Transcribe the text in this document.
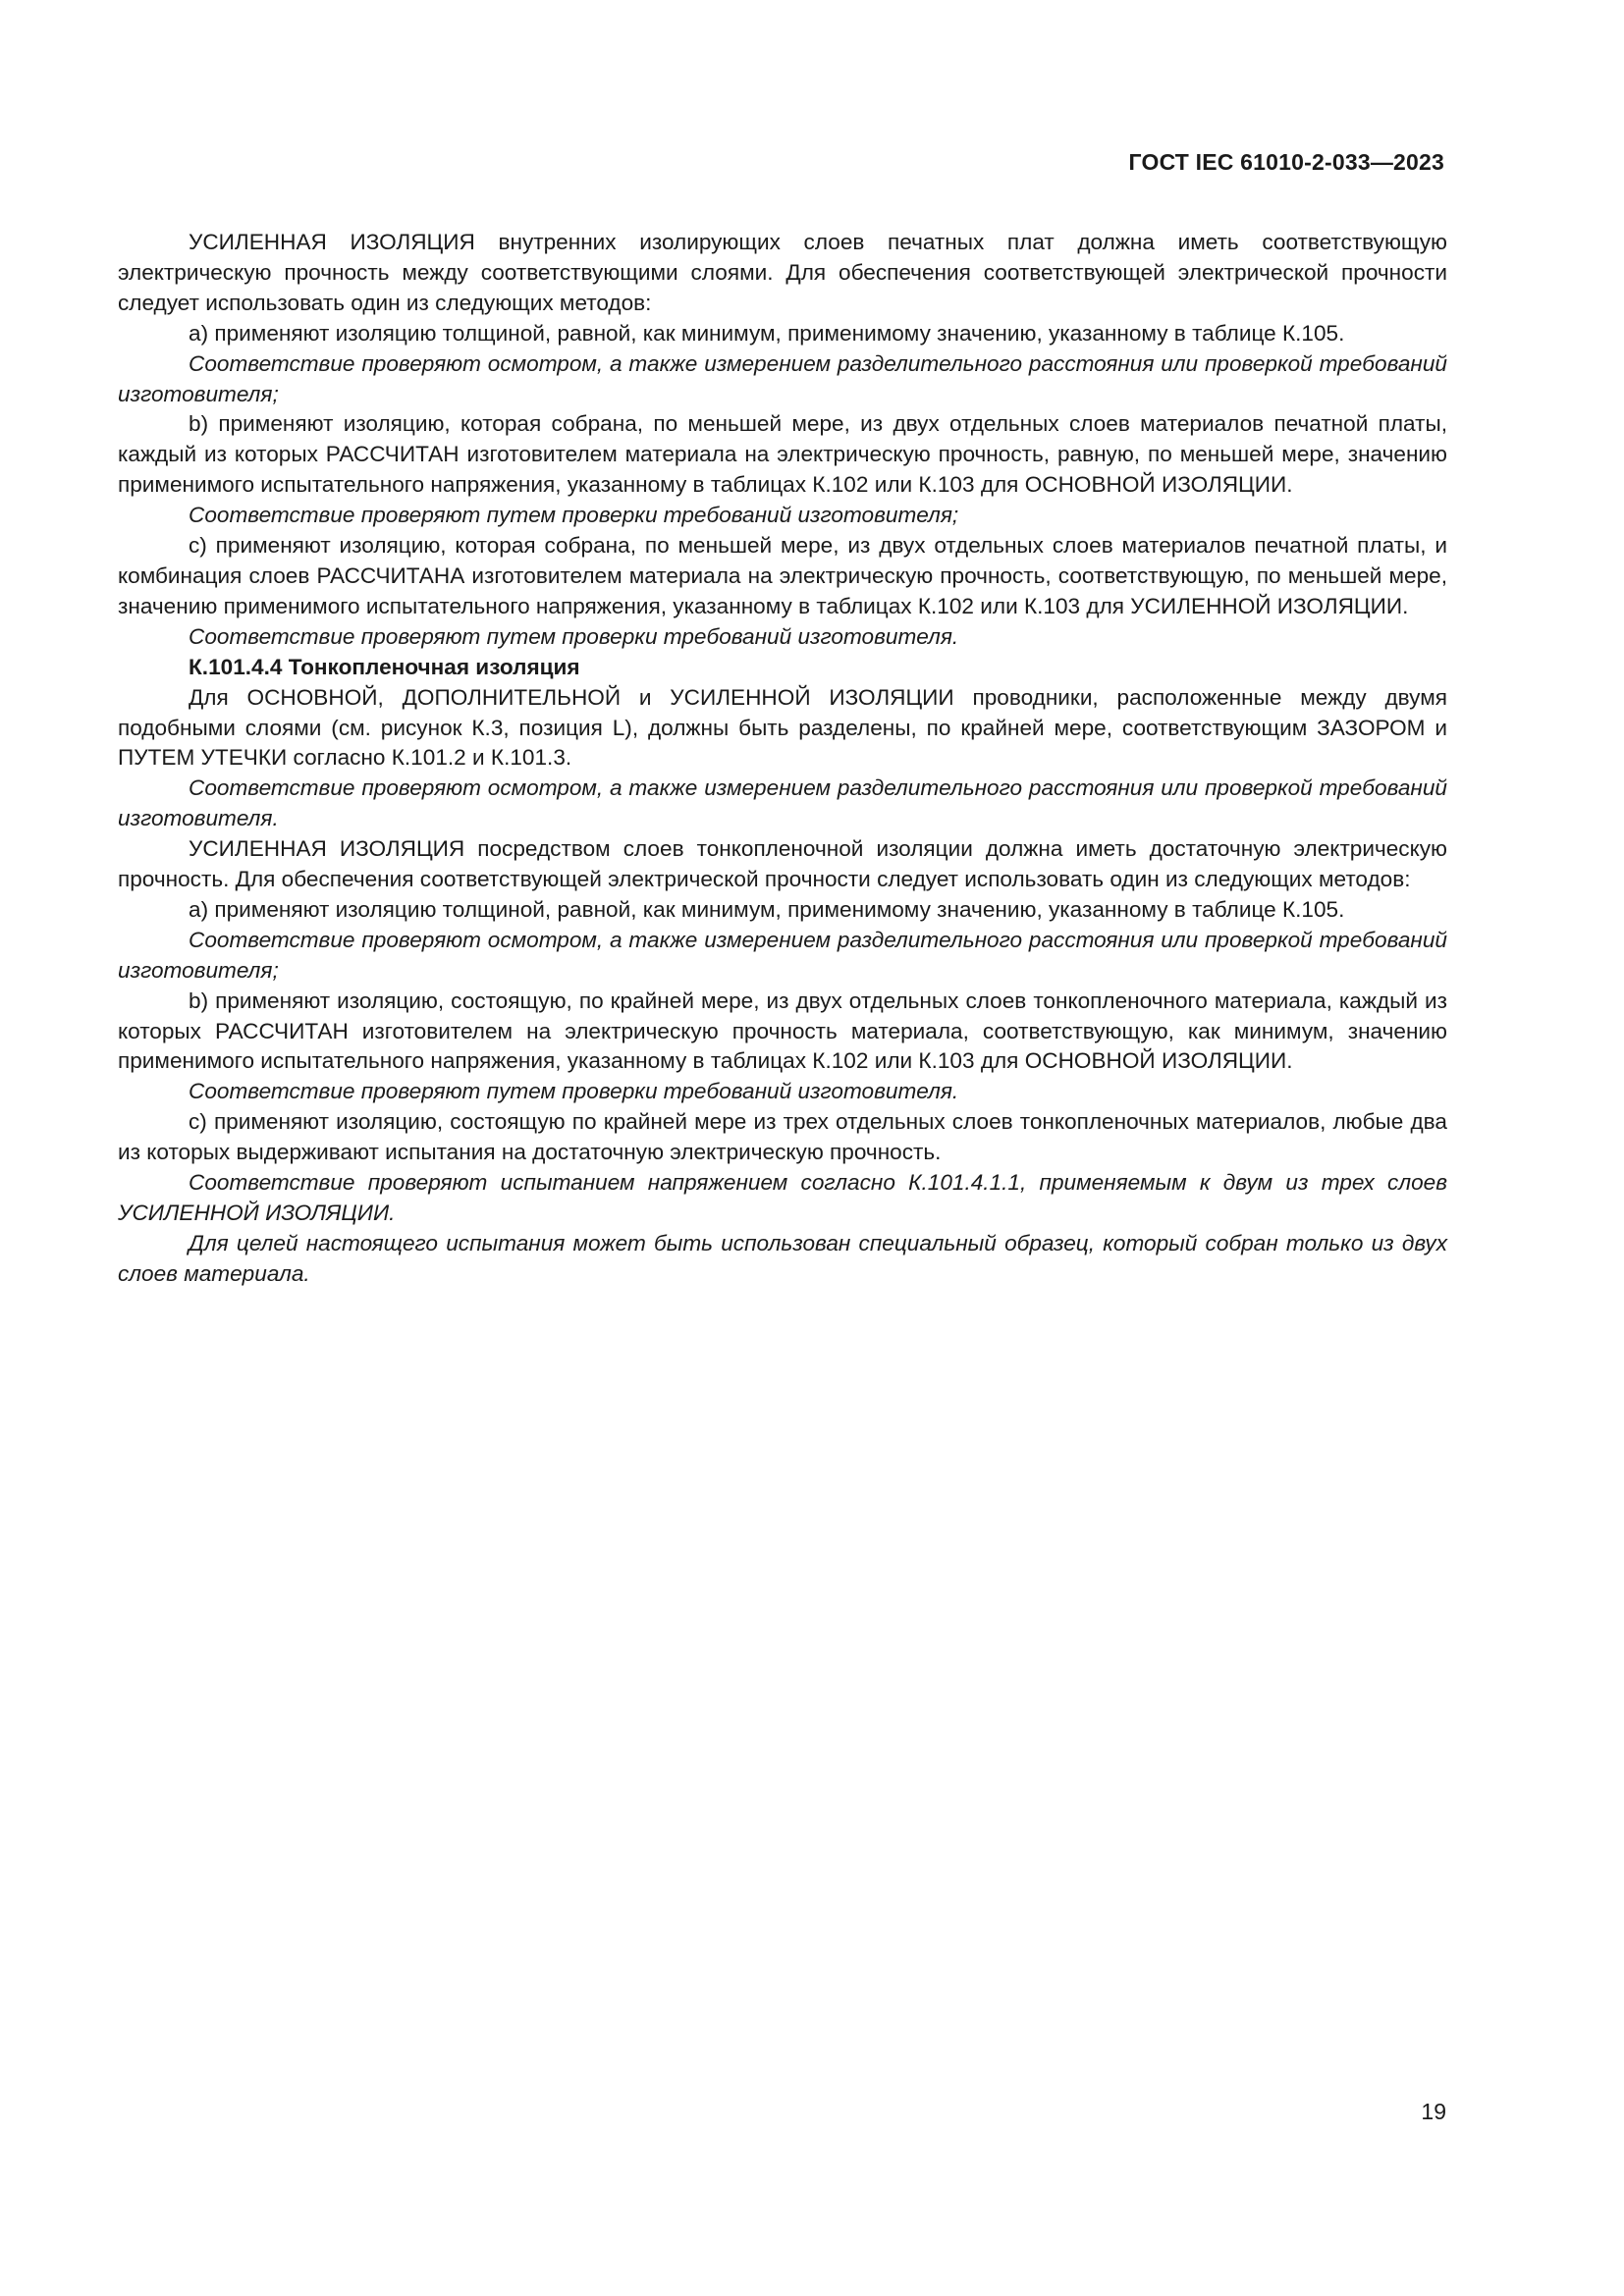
ГОСТ IEC 61010-2-033—2023

УСИЛЕННАЯ ИЗОЛЯЦИЯ внутренних изолирующих слоев печатных плат должна иметь соответствующую электрическую прочность между соответствующими слоями. Для обеспечения соответствующей электрической прочности следует использовать один из следующих методов:

а) применяют изоляцию толщиной, равной, как минимум, применимому значению, указанному в таблице К.105.

Соответствие проверяют осмотром, а также измерением разделительного расстояния или проверкой требований изготовителя;

b) применяют изоляцию, которая собрана, по меньшей мере, из двух отдельных слоев материалов печатной платы, каждый из которых РАССЧИТАН изготовителем материала на электрическую прочность, равную, по меньшей мере, значению применимого испытательного напряжения, указанному в таблицах К.102 или К.103 для ОСНОВНОЙ ИЗОЛЯЦИИ.

Соответствие проверяют путем проверки требований изготовителя;

с) применяют изоляцию, которая собрана, по меньшей мере, из двух отдельных слоев материалов печатной платы, и комбинация слоев РАССЧИТАНА изготовителем материала на электрическую прочность, соответствующую, по меньшей мере, значению применимого испытательного напряжения, указанному в таблицах К.102 или К.103 для УСИЛЕННОЙ ИЗОЛЯЦИИ.

Соответствие проверяют путем проверки требований изготовителя.

К.101.4.4 Тонкопленочная изоляция

Для ОСНОВНОЙ, ДОПОЛНИТЕЛЬНОЙ и УСИЛЕННОЙ ИЗОЛЯЦИИ проводники, расположенные между двумя подобными слоями (см. рисунок К.3, позиция L), должны быть разделены, по крайней мере, соответствующим ЗАЗОРОМ и ПУТЕМ УТЕЧКИ согласно К.101.2 и К.101.3.

Соответствие проверяют осмотром, а также измерением разделительного расстояния или проверкой требований изготовителя.

УСИЛЕННАЯ ИЗОЛЯЦИЯ посредством слоев тонкопленочной изоляции должна иметь достаточную электрическую прочность. Для обеспечения соответствующей электрической прочности следует использовать один из следующих методов:

а) применяют изоляцию толщиной, равной, как минимум, применимому значению, указанному в таблице К.105.

Соответствие проверяют осмотром, а также измерением разделительного расстояния или проверкой требований изготовителя;

b) применяют изоляцию, состоящую, по крайней мере, из двух отдельных слоев тонкопленочного материала, каждый из которых РАССЧИТАН изготовителем на электрическую прочность материала, соответствующую, как минимум, значению применимого испытательного напряжения, указанному в таблицах К.102 или К.103 для ОСНОВНОЙ ИЗОЛЯЦИИ.

Соответствие проверяют путем проверки требований изготовителя.

с) применяют изоляцию, состоящую по крайней мере из трех отдельных слоев тонкопленочных материалов, любые два из которых выдерживают испытания на достаточную электрическую прочность.

Соответствие проверяют испытанием напряжением согласно К.101.4.1.1, применяемым к двум из трех слоев УСИЛЕННОЙ ИЗОЛЯЦИИ.

Для целей настоящего испытания может быть использован специальный образец, который собран только из двух слоев материала.

19
